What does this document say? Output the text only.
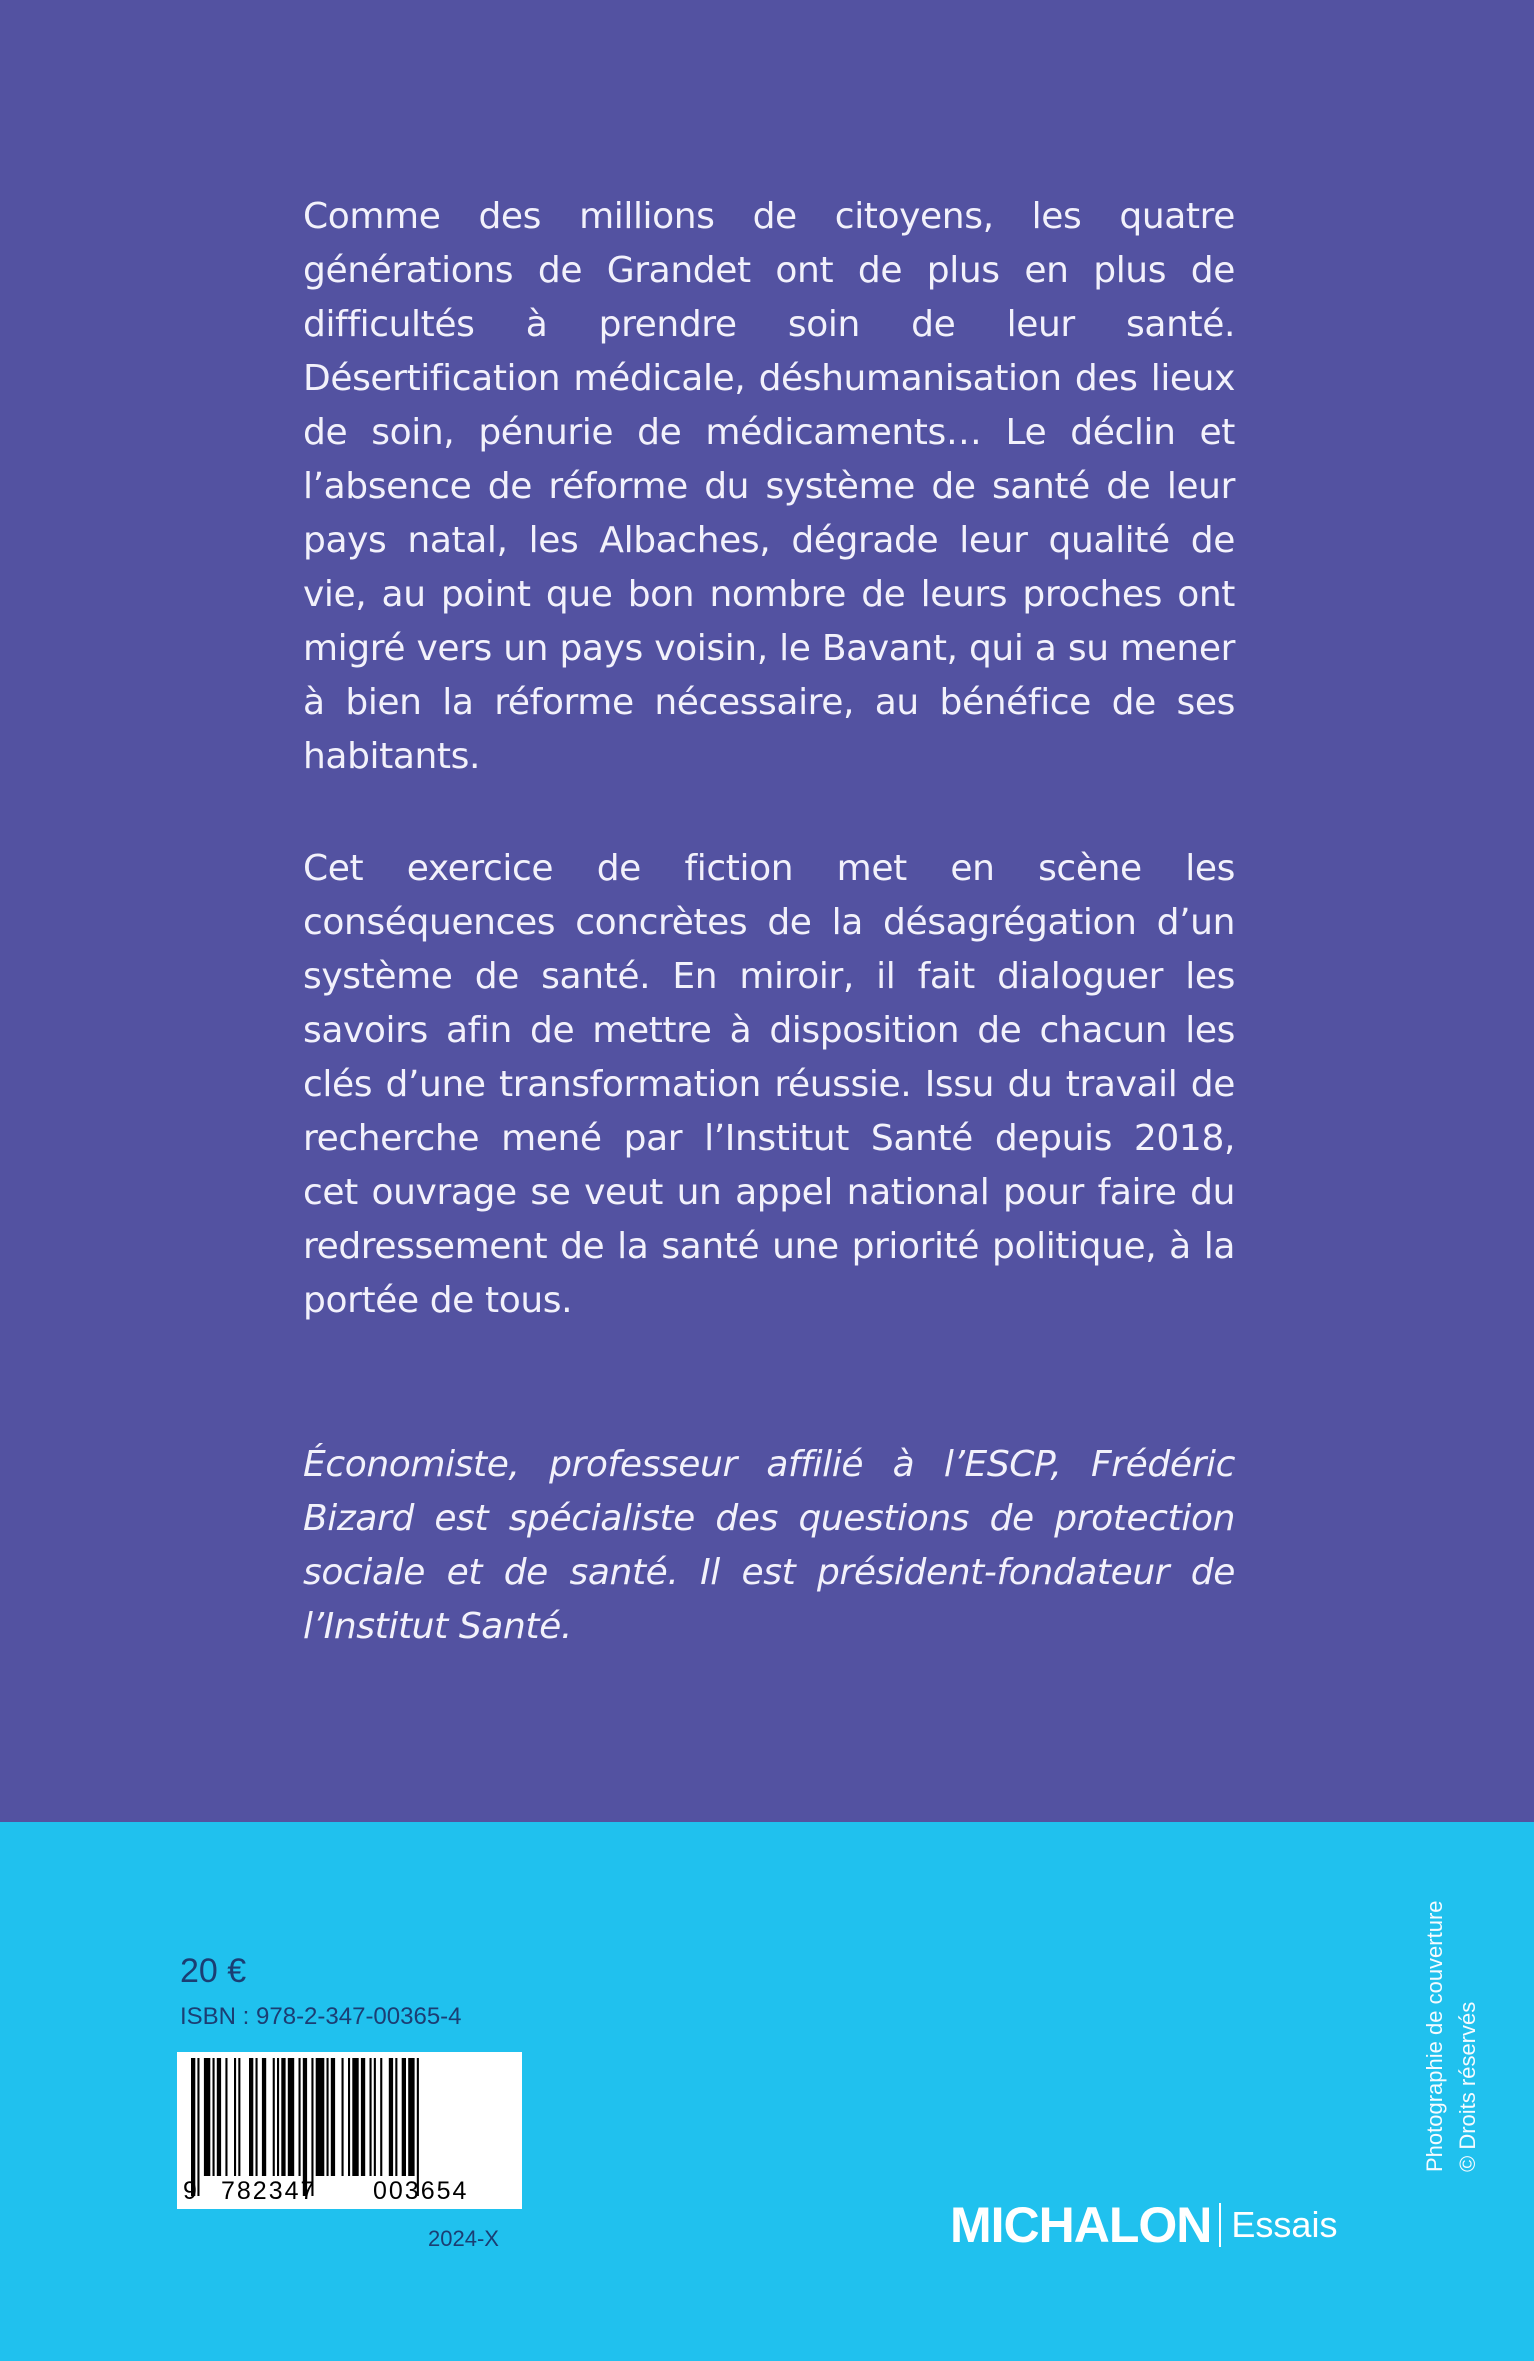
Comme des millions de citoyens, les quatre générations de Grandet ont de plus en plus de difficultés à prendre soin de leur santé. Désertification médicale, déshumanisation des lieux de soin, pénurie de médicaments… Le déclin et l’absence de réforme du système de santé de leur pays natal, les Albaches, dégrade leur qualité de vie, au point que bon nombre de leurs proches ont migré vers un pays voisin, le Bavant, qui a su mener à bien la réforme nécessaire, au bénéfice de ses habitants.
Cet exercice de fiction met en scène les conséquences concrètes de la désagrégation d’un système de santé. En miroir, il fait dialoguer les savoirs afin de mettre à disposition de chacun les clés d’une transformation réussie. Issu du travail de recherche mené par l’Institut Santé depuis 2018, cet ouvrage se veut un appel national pour faire du redressement de la santé une priorité politique, à la portée de tous.
Économiste, professeur affilié à l’ESCP, Frédéric Bizard est spécialiste des questions de protection sociale et de santé. Il est président-fondateur de l’Institut Santé.
20 €
ISBN : 978-2-347-00365-4
9 782347 003654
2024-X	MICHALON Essais
Photographie de couverture © Droits réservés
